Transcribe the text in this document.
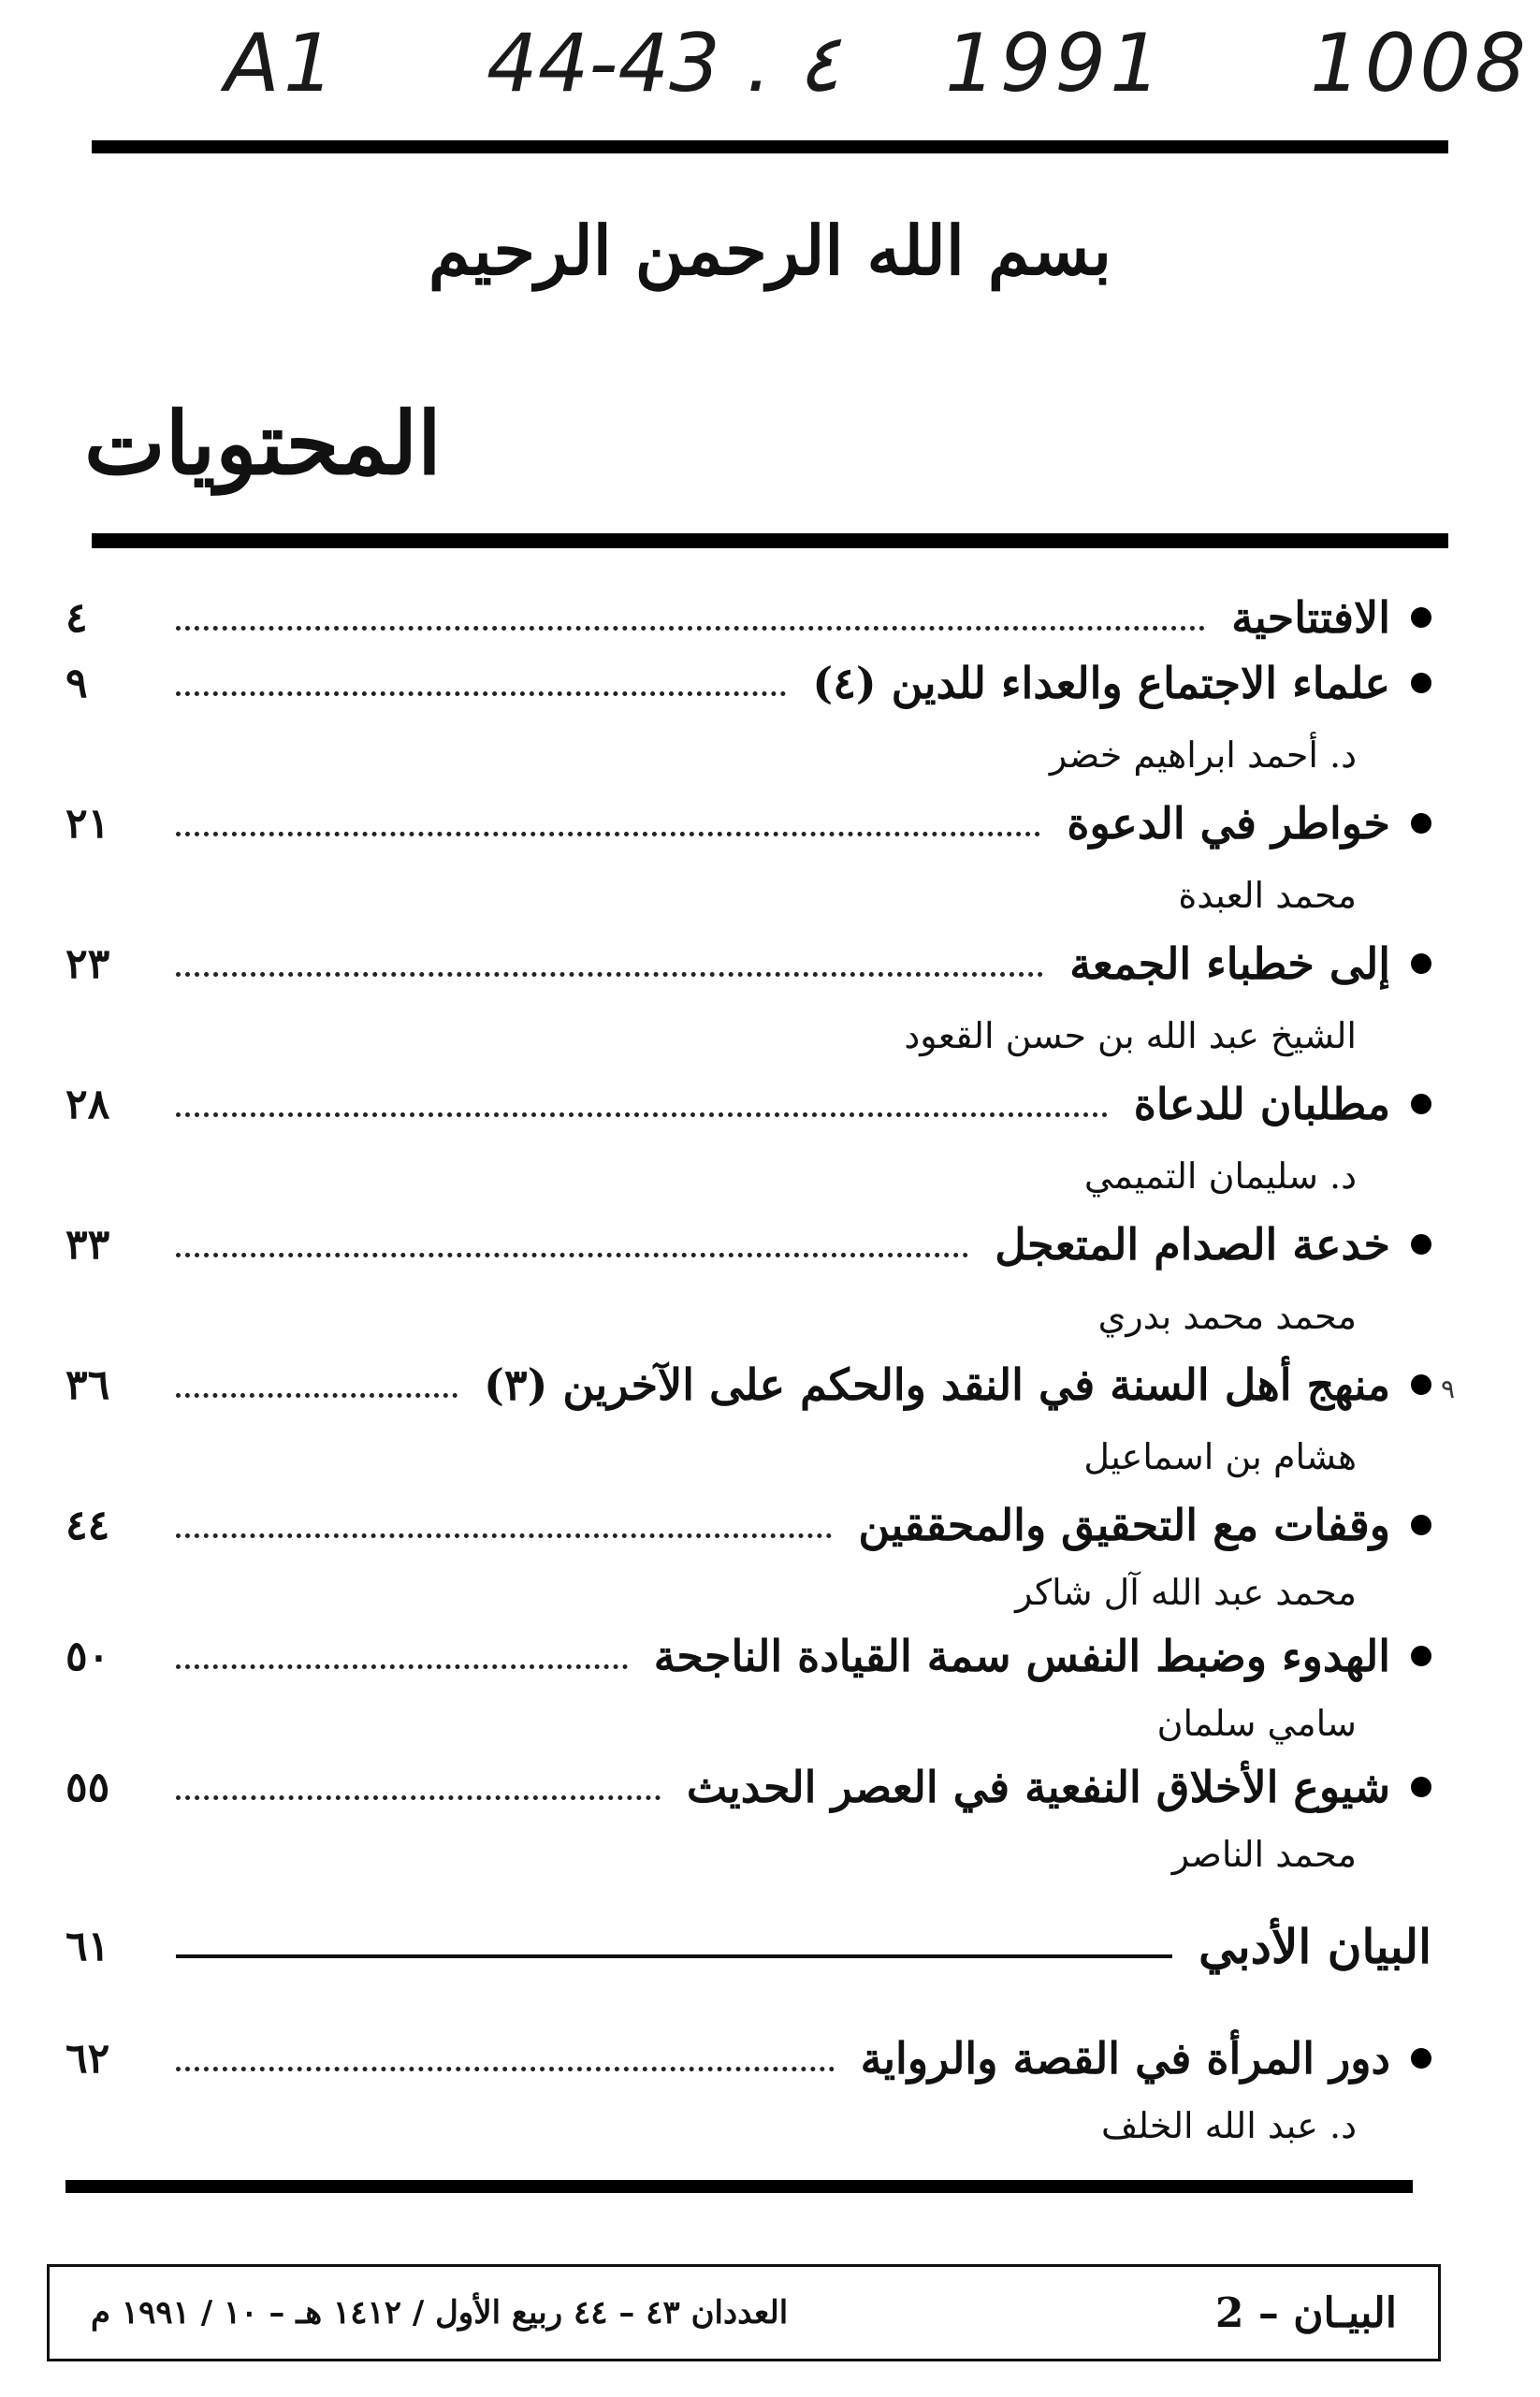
A1 44-43 . ٤ 1991 1008
بسم الله الرحمن الرحيم
المحتويات
الافتتاحية
٤
علماء الاجتماع والعداء للدين (٤)
٩
د. أحمد ابراهيم خضر
خواطر في الدعوة
٢١
محمد العبدة
إلى خطباء الجمعة
٢٣
الشيخ عبد الله بن حسن القعود
مطلبان للدعاة
٢٨
د. سليمان التميمي
خدعة الصدام المتعجل
٣٣
محمد محمد بدري
منهج أهل السنة في النقد والحكم على الآخرين (٣)
٣٦
هشام بن اسماعيل
وقفات مع التحقيق والمحققين
٤٤
محمد عبد الله آل شاكر
الهدوء وضبط النفس سمة القيادة الناجحة
٥٠
سامي سلمان
شيوع الأخلاق النفعية في العصر الحديث
٥٥
محمد الناصر
البيان الأدبي
٦١
دور المرأة في القصة والرواية
٦٢
د. عبد الله الخلف
٩
البيـان – 2
العددان ٤٣ – ٤٤ ربيع الأول / ١٤١٢ هـ – ١٠ / ١٩٩١ م
